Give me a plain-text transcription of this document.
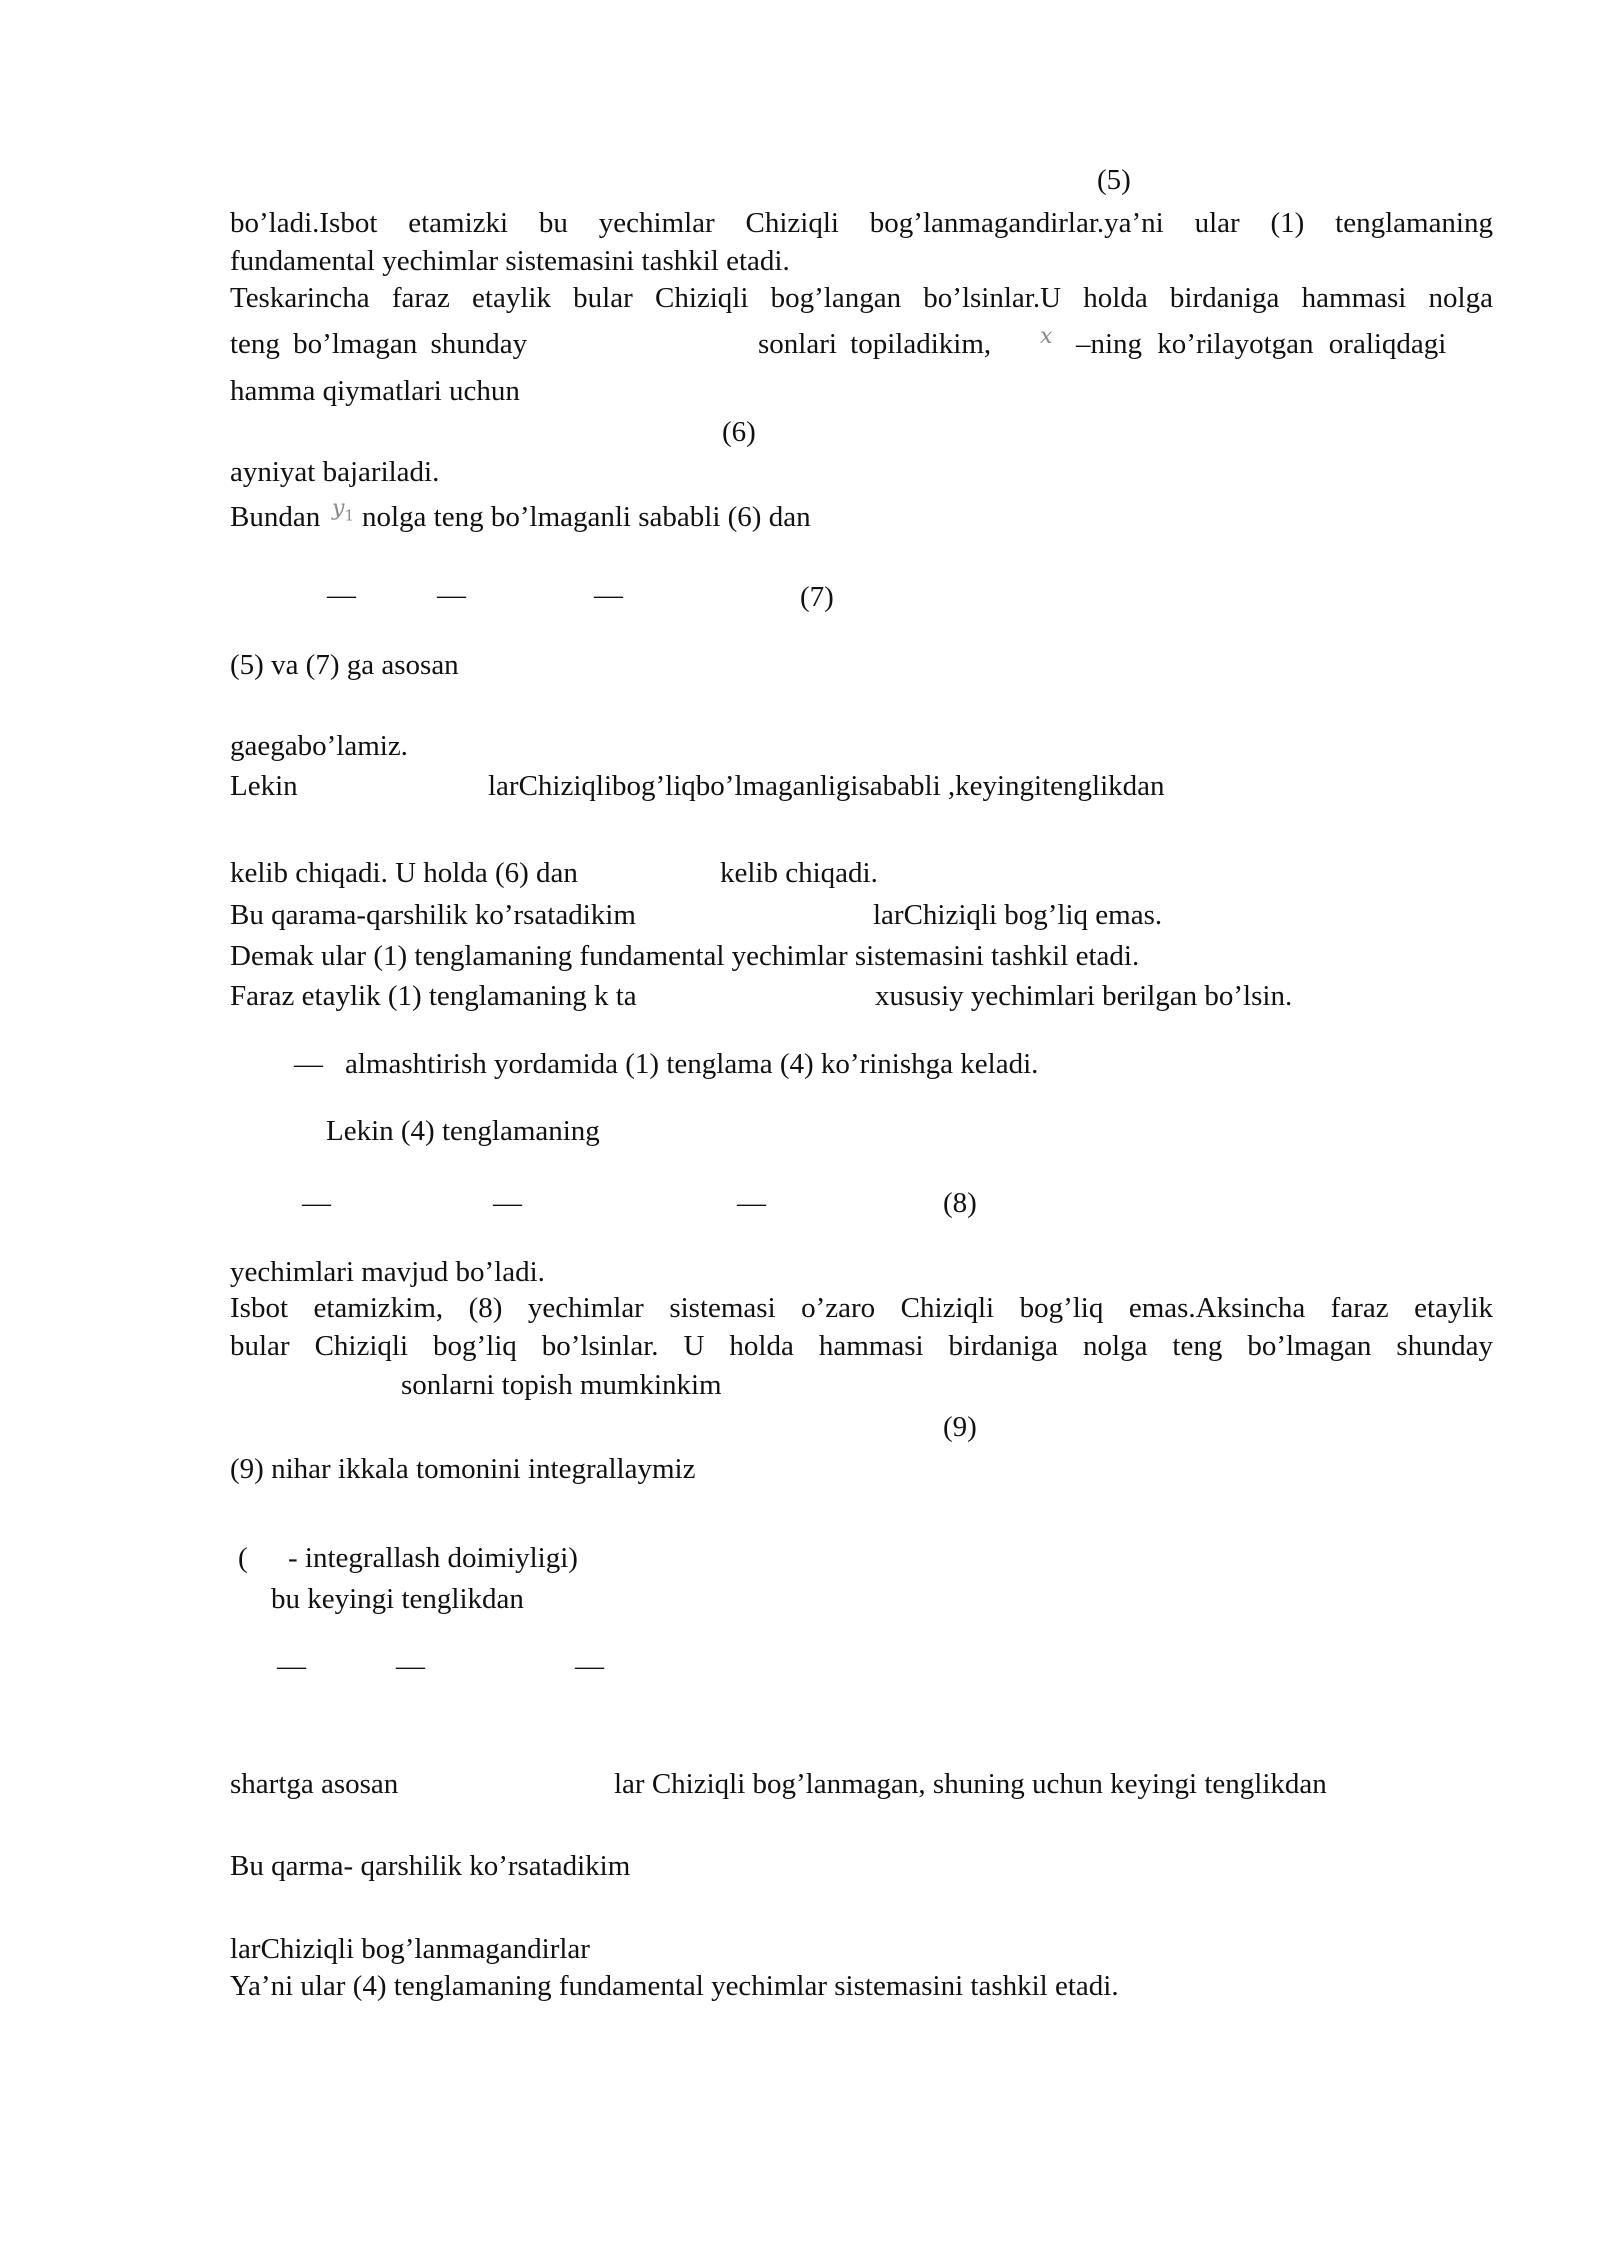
(5)
bo’ladi.Isbot etamizki bu yechimlar Chiziqli bog’lanmagandirlar.ya’ni ular (1) tenglamaning
fundamental yechimlar sistemasini tashkil etadi.
Teskarincha faraz etaylik bular Chiziqli bog’langan bo’lsinlar.U holda birdaniga hammasi nolga
teng bo’lmagan shunday	sonlari topiladikim, x –ning ko’rilayotgan oraliqdagi
hamma qiymatlari uchun
(6)
ayniyat bajariladi.
Bundan $y_1$ nolga teng bo’lmaganli sababli (6) dan
—	—	—	(7)
(5) va (7) ga asosan
gaegabo’lamiz.
Lekin	larChiziqlibog’liqbo’lmaganligisababli ,keyingitenglikdan
kelib chiqadi. U holda (6) dan	kelib chiqadi.
Bu qarama-qarshilik ko’rsatadikim	larChiziqli bog’liq emas.
Demak ular (1) tenglamaning fundamental yechimlar sistemasini tashkil etadi.
Faraz etaylik (1) tenglamaning k ta	xususiy yechimlari berilgan bo’lsin.
— almashtirish yordamida (1) tenglama (4) ko’rinishga keladi.
Lekin (4) tenglamaning
—	—	—	(8)
yechimlari mavjud bo’ladi.
Isbot etamizkim, (8) yechimlar sistemasi o’zaro Chiziqli bog’liq emas.Aksincha faraz etaylik
bular Chiziqli bog’liq bo’lsinlar. U holda hammasi birdaniga nolga teng bo’lmagan shunday
sonlarni topish mumkinkim
(9)
(9) nihar ikkala tomonini integrallaymiz
( - integrallash doimiyligi)
bu keyingi tenglikdan
—	—	—
shartga asosan	lar Chiziqli bog’lanmagan, shuning uchun keyingi tenglikdan
Bu qarma- qarshilik ko’rsatadikim
larChiziqli bog’lanmagandirlar
Ya’ni ular (4) tenglamaning fundamental yechimlar sistemasini tashkil etadi.
